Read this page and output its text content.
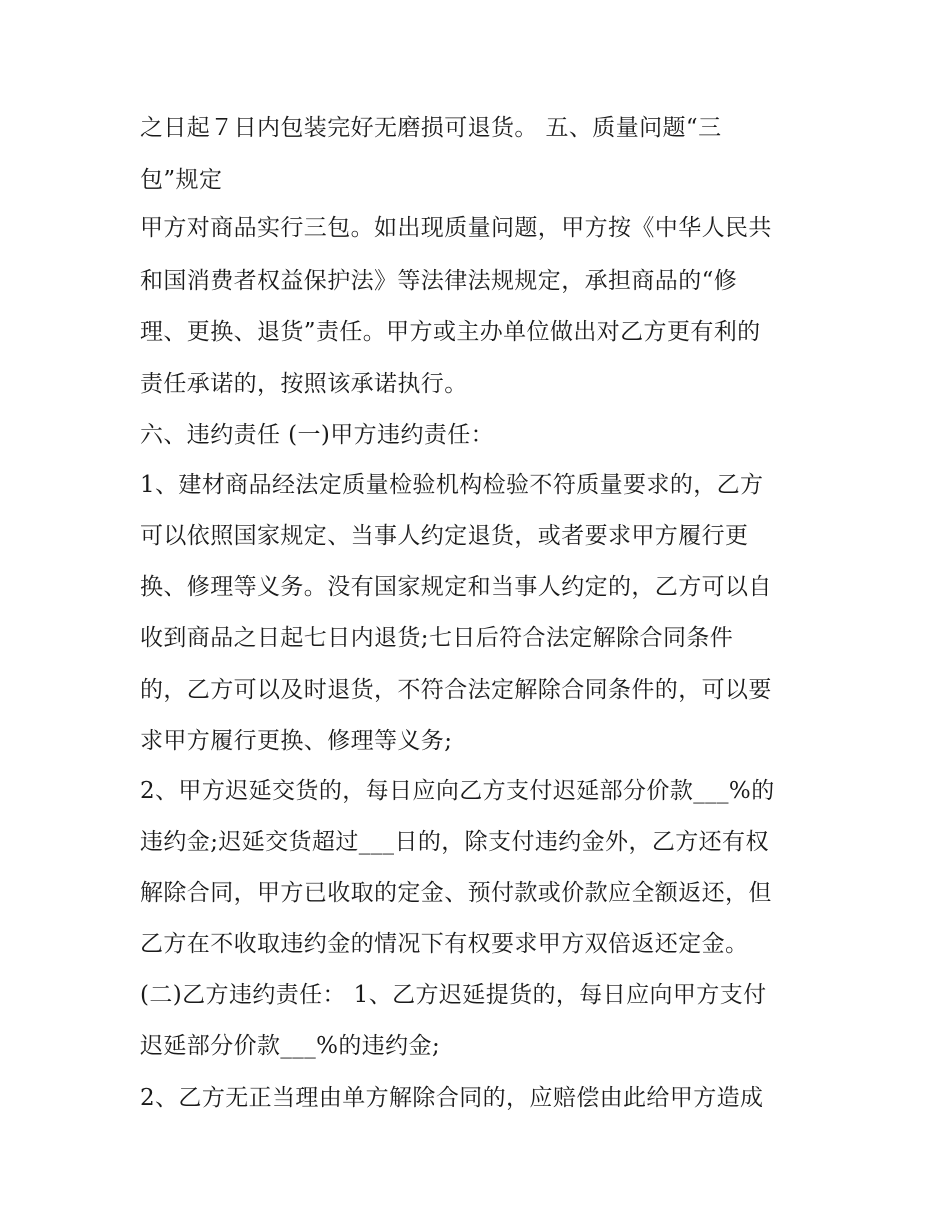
之日起７日内包装完好无磨损可退货。 五、质量问题“三
包”规定
甲方对商品实行三包。如出现质量问题，甲方按《中华人民共
和国消费者权益保护法》等法律法规规定，承担商品的“修
理、更换、退货”责任。甲方或主办单位做出对乙方更有利的
责任承诺的，按照该承诺执行。
六、违约责任 (一)甲方违约责任：
1、建材商品经法定质量检验机构检验不符质量要求的，乙方
可以依照国家规定、当事人约定退货，或者要求甲方履行更
换、修理等义务。没有国家规定和当事人约定的，乙方可以自
收到商品之日起七日内退货;七日后符合法定解除合同条件
的，乙方可以及时退货，不符合法定解除合同条件的，可以要
求甲方履行更换、修理等义务;
2、甲方迟延交货的，每日应向乙方支付迟延部分价款___%的
违约金;迟延交货超过___日的，除支付违约金外，乙方还有权
解除合同，甲方已收取的定金、预付款或价款应全额返还，但
乙方在不收取违约金的情况下有权要求甲方双倍返还定金。
(二)乙方违约责任： 1、乙方迟延提货的，每日应向甲方支付
迟延部分价款___%的违约金;
2、乙方无正当理由单方解除合同的，应赔偿由此给甲方造成
